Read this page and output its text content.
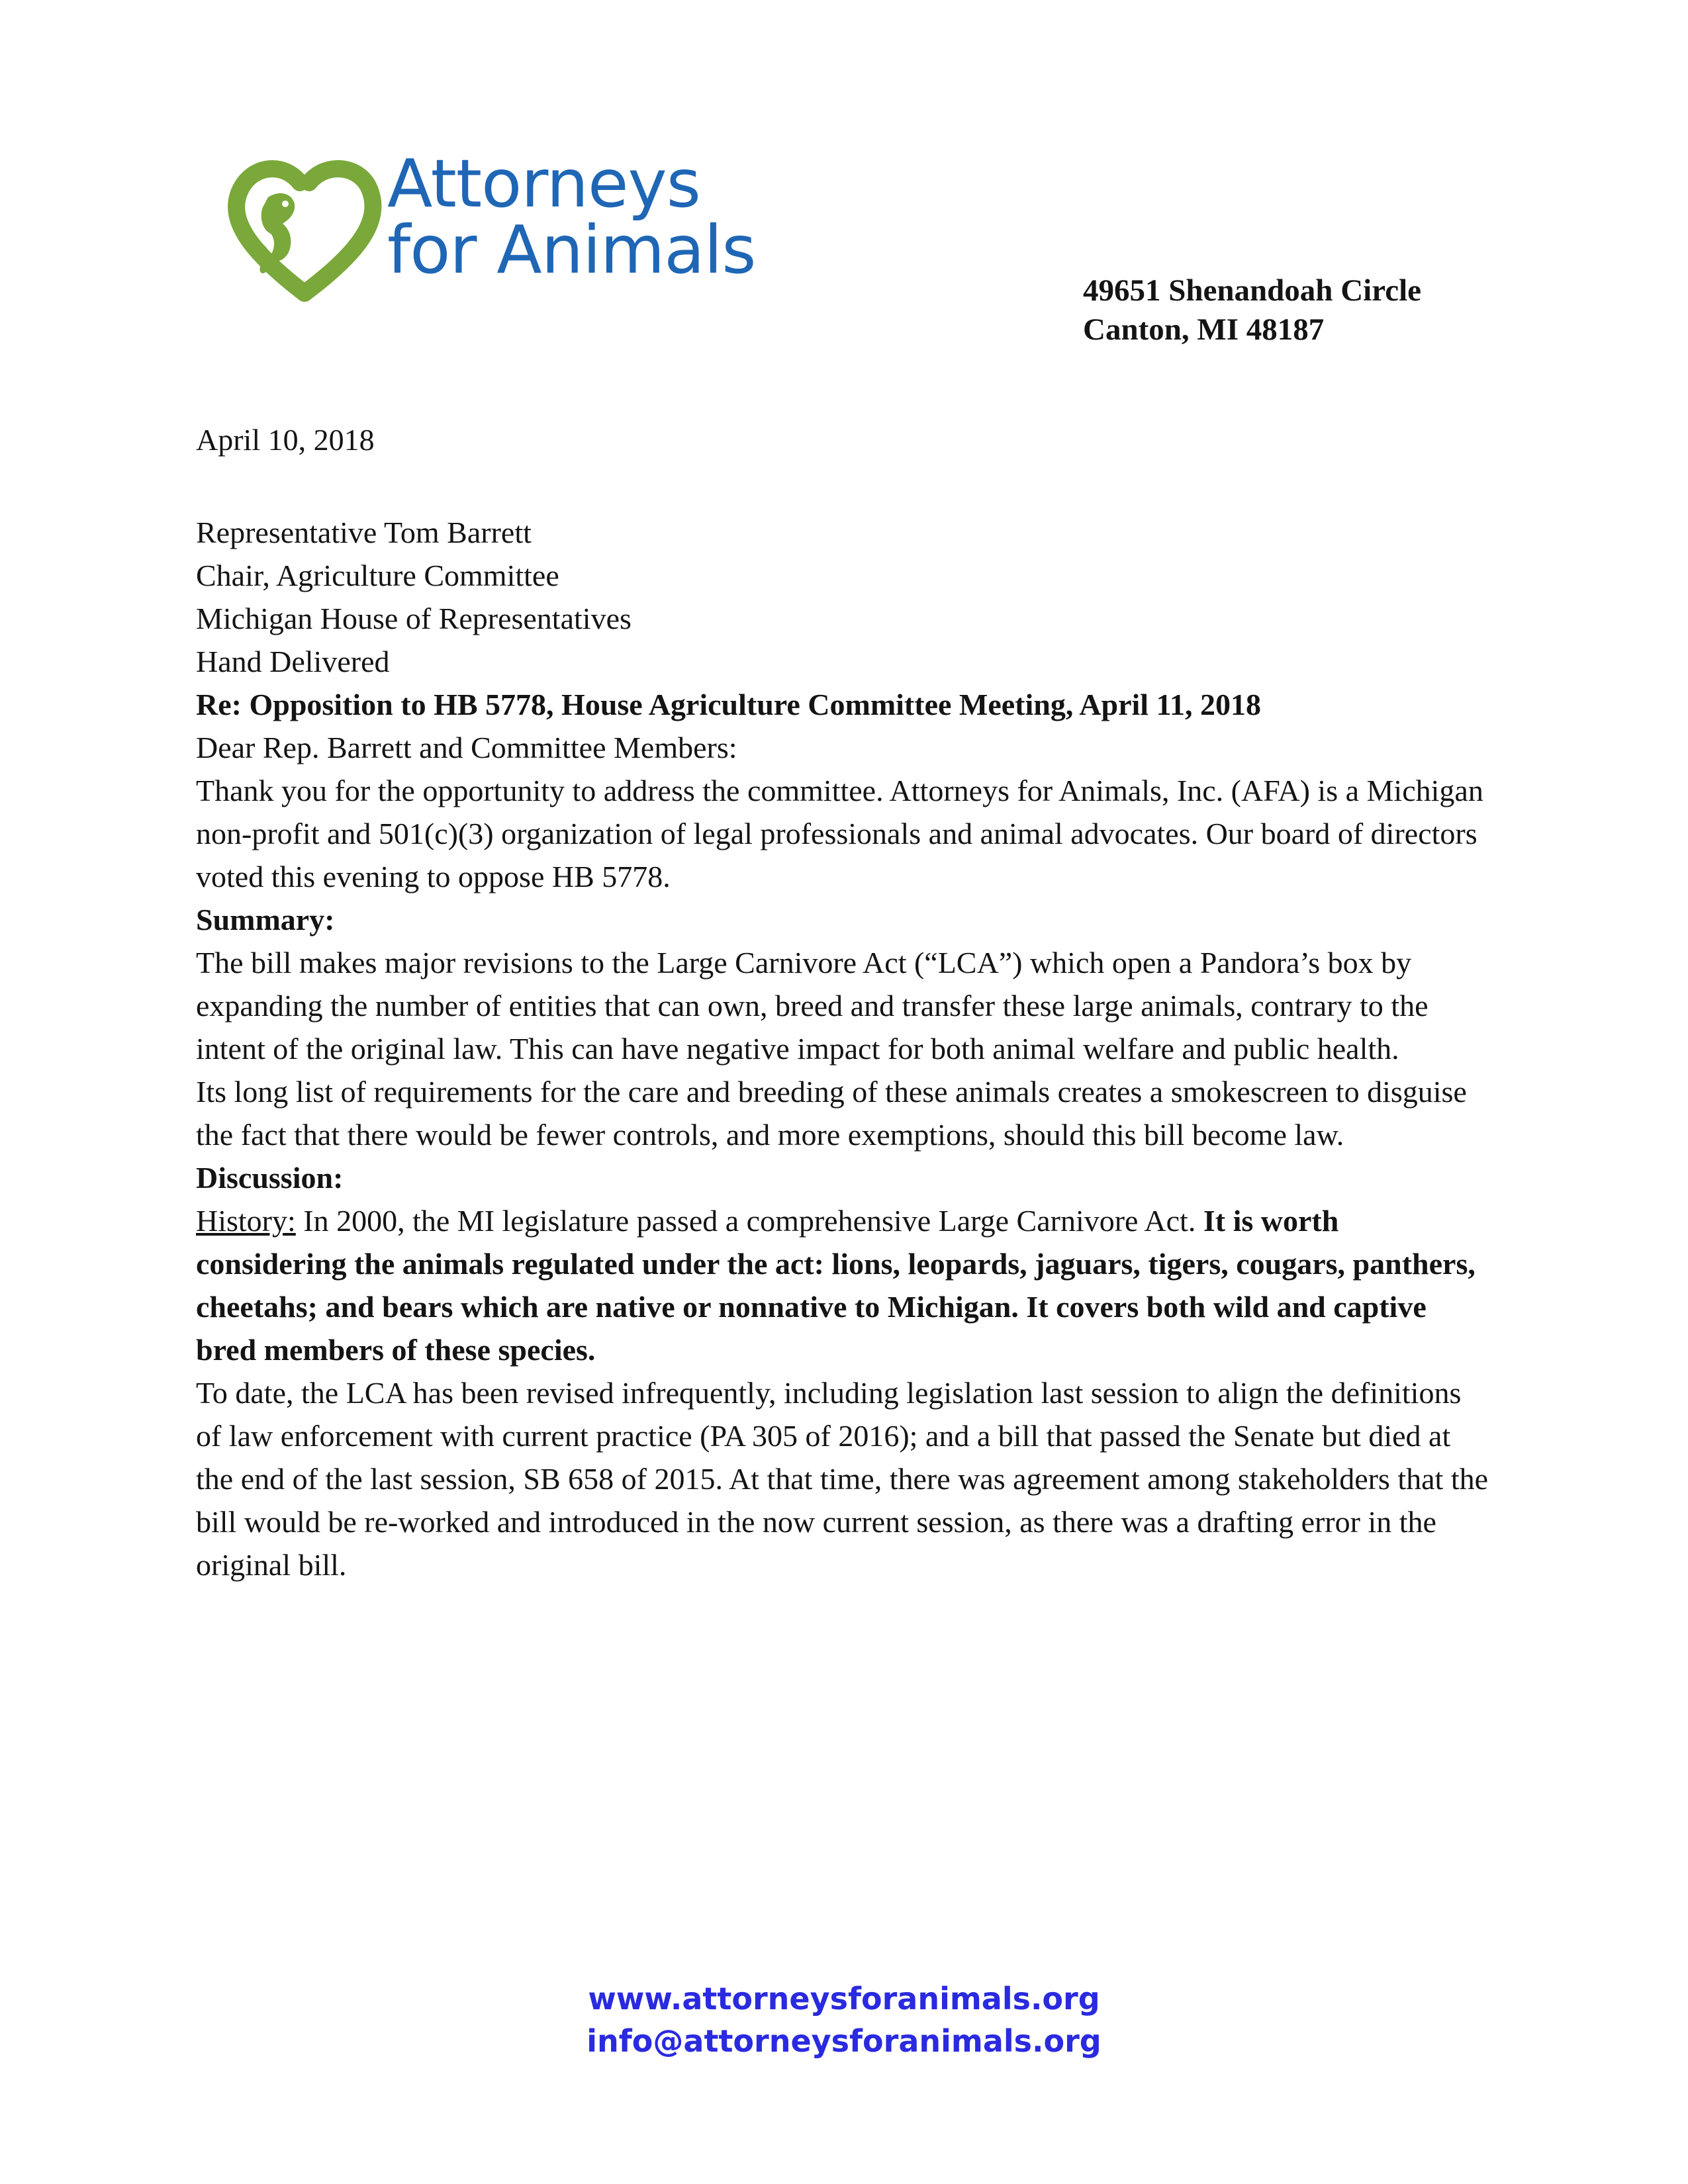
Attorneys
for Animals
49651 Shenandoah Circle
Canton, MI 48187

April 10, 2018

Representative Tom Barrett
Chair, Agriculture Committee
Michigan House of Representatives

Hand Delivered

Re: Opposition to HB 5778, House Agriculture Committee Meeting, April 11, 2018

Dear Rep. Barrett and Committee Members:

Thank you for the opportunity to address the committee. Attorneys for Animals, Inc. (AFA) is a Michigan non-profit and 501(c)(3) organization of legal professionals and animal advocates. Our board of directors voted this evening to oppose HB 5778.

Summary:

The bill makes major revisions to the Large Carnivore Act (“LCA”) which open a Pandora’s box by expanding the number of entities that can own, breed and transfer these large animals, contrary to the intent of the original law. This can have negative impact for both animal welfare and public health.

Its long list of requirements for the care and breeding of these animals creates a smokescreen to disguise the fact that there would be fewer controls, and more exemptions, should this bill become law.

Discussion:

History: In 2000, the MI legislature passed a comprehensive Large Carnivore Act. It is worth considering the animals regulated under the act: lions, leopards, jaguars, tigers, cougars, panthers, cheetahs; and bears which are native or nonnative to Michigan. It covers both wild and captive bred members of these species.

To date, the LCA has been revised infrequently, including legislation last session to align the definitions of law enforcement with current practice (PA 305 of 2016); and a bill that passed the Senate but died at the end of the last session, SB 658 of 2015. At that time, there was agreement among stakeholders that the bill would be re-worked and introduced in the now current session, as there was a drafting error in the original bill.

www.attorneysforanimals.org
info@attorneysforanimals.org
